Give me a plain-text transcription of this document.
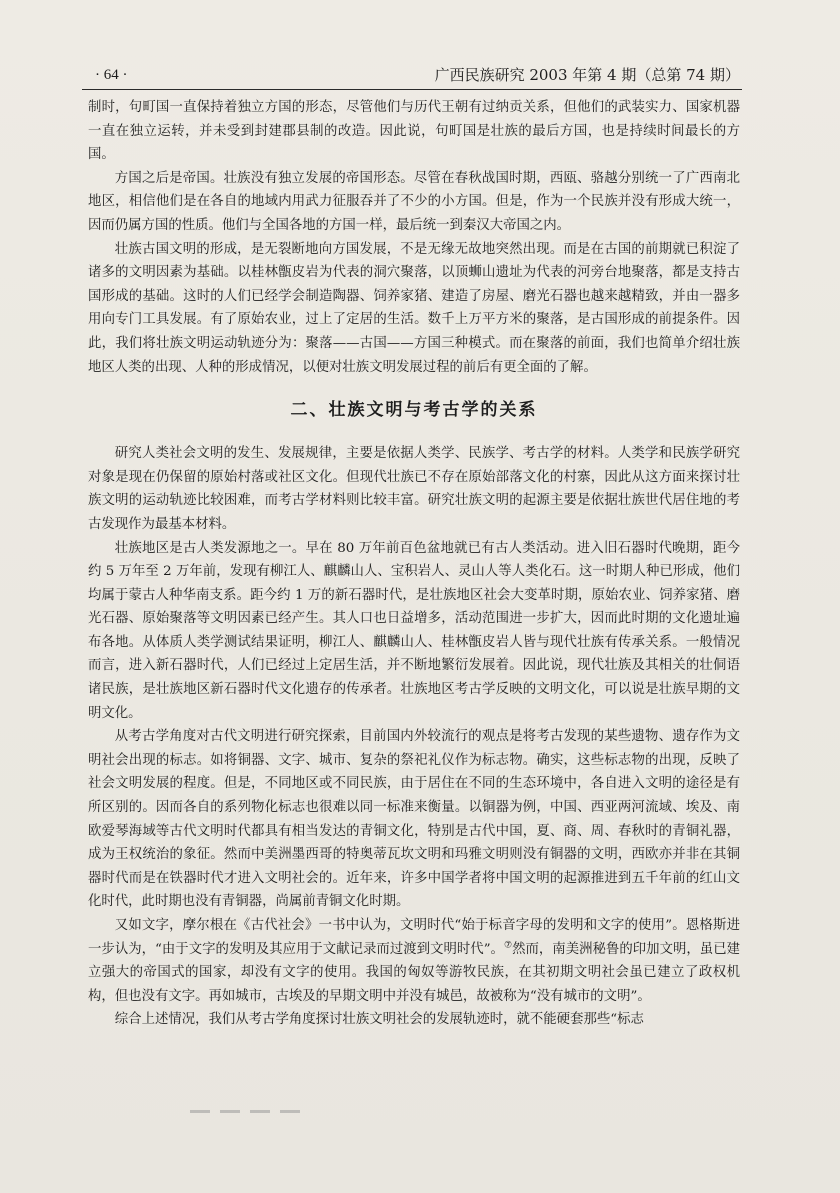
· 64 ·	广西民族研究 2003 年第 4 期（总第 74 期）

制时，句町国一直保持着独立方国的形态，尽管他们与历代王朝有过纳贡关系，但他们的武装实力、国家机器一直在独立运转，并未受到封建郡县制的改造。因此说，句町国是壮族的最后方国，也是持续时间最长的方国。

方国之后是帝国。壮族没有独立发展的帝国形态。尽管在春秋战国时期，西瓯、骆越分别统一了广西南北地区，相信他们是在各自的地域内用武力征服吞并了不少的小方国。但是，作为一个民族并没有形成大统一，因而仍属方国的性质。他们与全国各地的方国一样，最后统一到秦汉大帝国之内。

壮族古国文明的形成，是无裂断地向方国发展，不是无缘无故地突然出现。而是在古国的前期就已积淀了诸多的文明因素为基础。以桂林甑皮岩为代表的洞穴聚落，以顶蛳山遗址为代表的河旁台地聚落，都是支持古国形成的基础。这时的人们已经学会制造陶器、饲养家猪、建造了房屋、磨光石器也越来越精致，并由一器多用向专门工具发展。有了原始农业，过上了定居的生活。数千上万平方米的聚落，是古国形成的前提条件。因此，我们将壮族文明运动轨迹分为：聚落——古国——方国三种模式。而在聚落的前面，我们也简单介绍壮族地区人类的出现、人种的形成情况，以便对壮族文明发展过程的前后有更全面的了解。

二、壮族文明与考古学的关系

研究人类社会文明的发生、发展规律，主要是依据人类学、民族学、考古学的材料。人类学和民族学研究对象是现在仍保留的原始村落或社区文化。但现代壮族已不存在原始部落文化的村寨，因此从这方面来探讨壮族文明的运动轨迹比较困难，而考古学材料则比较丰富。研究壮族文明的起源主要是依据壮族世代居住地的考古发现作为最基本材料。

壮族地区是古人类发源地之一。早在 80 万年前百色盆地就已有古人类活动。进入旧石器时代晚期，距今约 5 万年至 2 万年前，发现有柳江人、麒麟山人、宝积岩人、灵山人等人类化石。这一时期人种已形成，他们均属于蒙古人种华南支系。距今约 1 万的新石器时代，是壮族地区社会大变革时期，原始农业、饲养家猪、磨光石器、原始聚落等文明因素已经产生。其人口也日益增多，活动范围进一步扩大，因而此时期的文化遗址遍布各地。从体质人类学测试结果证明，柳江人、麒麟山人、桂林甑皮岩人皆与现代壮族有传承关系。一般情况而言，进入新石器时代，人们已经过上定居生活，并不断地繁衍发展着。因此说，现代壮族及其相关的壮侗语诸民族，是壮族地区新石器时代文化遗存的传承者。壮族地区考古学反映的文明文化，可以说是壮族早期的文明文化。

从考古学角度对古代文明进行研究探索，目前国内外较流行的观点是将考古发现的某些遗物、遗存作为文明社会出现的标志。如将铜器、文字、城市、复杂的祭祀礼仪作为标志物。确实，这些标志物的出现，反映了社会文明发展的程度。但是，不同地区或不同民族，由于居住在不同的生态环境中，各自进入文明的途径是有所区别的。因而各自的系列物化标志也很难以同一标准来衡量。以铜器为例，中国、西亚两河流域、埃及、南欧爱琴海域等古代文明时代都具有相当发达的青铜文化，特别是古代中国，夏、商、周、春秋时的青铜礼器，成为王权统治的象征。然而中美洲墨西哥的特奥蒂瓦坎文明和玛雅文明则没有铜器的文明，西欧亦并非在其铜器时代而是在铁器时代才进入文明社会的。近年来，许多中国学者将中国文明的起源推进到五千年前的红山文化时代，此时期也没有青铜器，尚属前青铜文化时期。

又如文字，摩尔根在《古代社会》一书中认为，文明时代“始于标音字母的发明和文字的使用”。恩格斯进一步认为，“由于文字的发明及其应用于文献记录而过渡到文明时代”。⑦然而，南美洲秘鲁的印加文明，虽已建立强大的帝国式的国家，却没有文字的使用。我国的匈奴等游牧民族，在其初期文明社会虽已建立了政权机构，但也没有文字。再如城市，古埃及的早期文明中并没有城邑，故被称为“没有城市的文明”。

综合上述情况，我们从考古学角度探讨壮族文明社会的发展轨迹时，就不能硬套那些“标志
